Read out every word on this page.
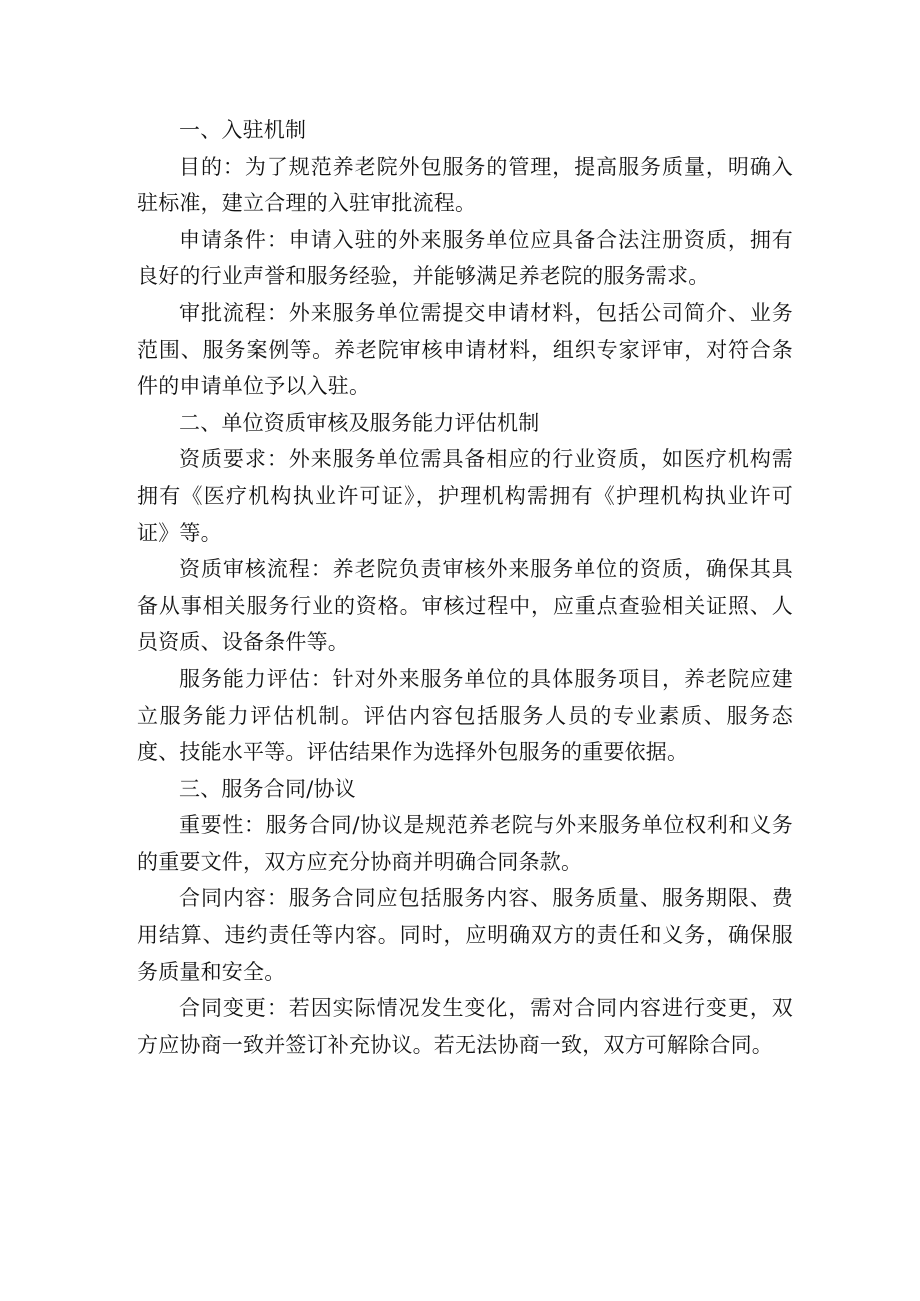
一、入驻机制

目的：为了规范养老院外包服务的管理，提高服务质量，明确入驻标准，建立合理的入驻审批流程。

申请条件：申请入驻的外来服务单位应具备合法注册资质，拥有良好的行业声誉和服务经验，并能够满足养老院的服务需求。

审批流程：外来服务单位需提交申请材料，包括公司简介、业务范围、服务案例等。养老院审核申请材料，组织专家评审，对符合条件的申请单位予以入驻。

二、单位资质审核及服务能力评估机制

资质要求：外来服务单位需具备相应的行业资质，如医疗机构需拥有《医疗机构执业许可证》，护理机构需拥有《护理机构执业许可证》等。

资质审核流程：养老院负责审核外来服务单位的资质，确保其具备从事相关服务行业的资格。审核过程中，应重点查验相关证照、人员资质、设备条件等。

服务能力评估：针对外来服务单位的具体服务项目，养老院应建立服务能力评估机制。评估内容包括服务人员的专业素质、服务态度、技能水平等。评估结果作为选择外包服务的重要依据。

三、服务合同/协议

重要性：服务合同/协议是规范养老院与外来服务单位权利和义务的重要文件，双方应充分协商并明确合同条款。

合同内容：服务合同应包括服务内容、服务质量、服务期限、费用结算、违约责任等内容。同时，应明确双方的责任和义务，确保服务质量和安全。

合同变更：若因实际情况发生变化，需对合同内容进行变更，双方应协商一致并签订补充协议。若无法协商一致，双方可解除合同。
